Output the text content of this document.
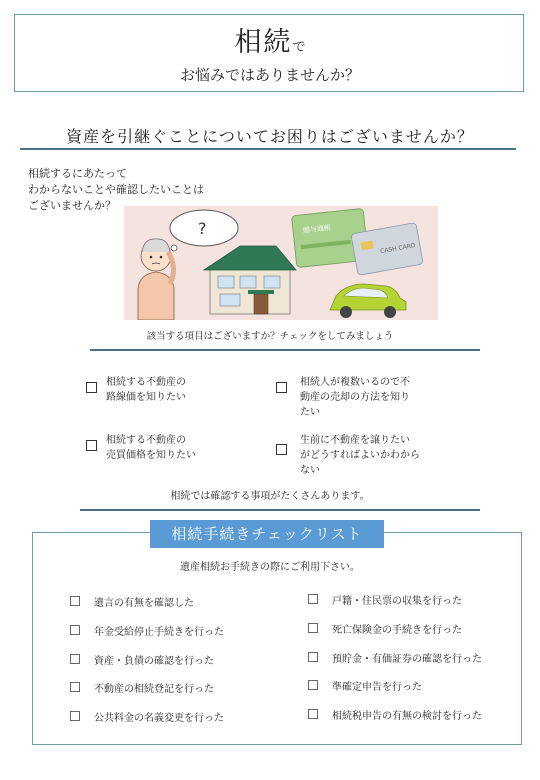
相続で
お悩みではありませんか？
資産を引継ぐことについてお困りはございませんか？
相続するにあたって
わからないことや確認したいことは
ございませんか？
?	贈与通帳
CASH CARD
該当する項目はございますか？チェックをしてみましょう
相続する不動産の
路線価を知りたい
相続人が複数いるので不
動産の売却の方法を知り
たい
相続する不動産の
売買価格を知りたい
生前に不動産を譲りたい
がどうすればよいかわから
ない
相続では確認する事項がたくさんあります。
相続手続きチェックリスト
遺産相続お手続きの際にご利用下さい。
遺言の有無を確認した
年金受給停止手続きを行った
資産・負債の確認を行った
不動産の相続登記を行った
公共料金の名義変更を行った
戸籍・住民票の収集を行った
死亡保険金の手続きを行った
預貯金・有価証券の確認を行った
準確定申告を行った
相続税申告の有無の検討を行った
